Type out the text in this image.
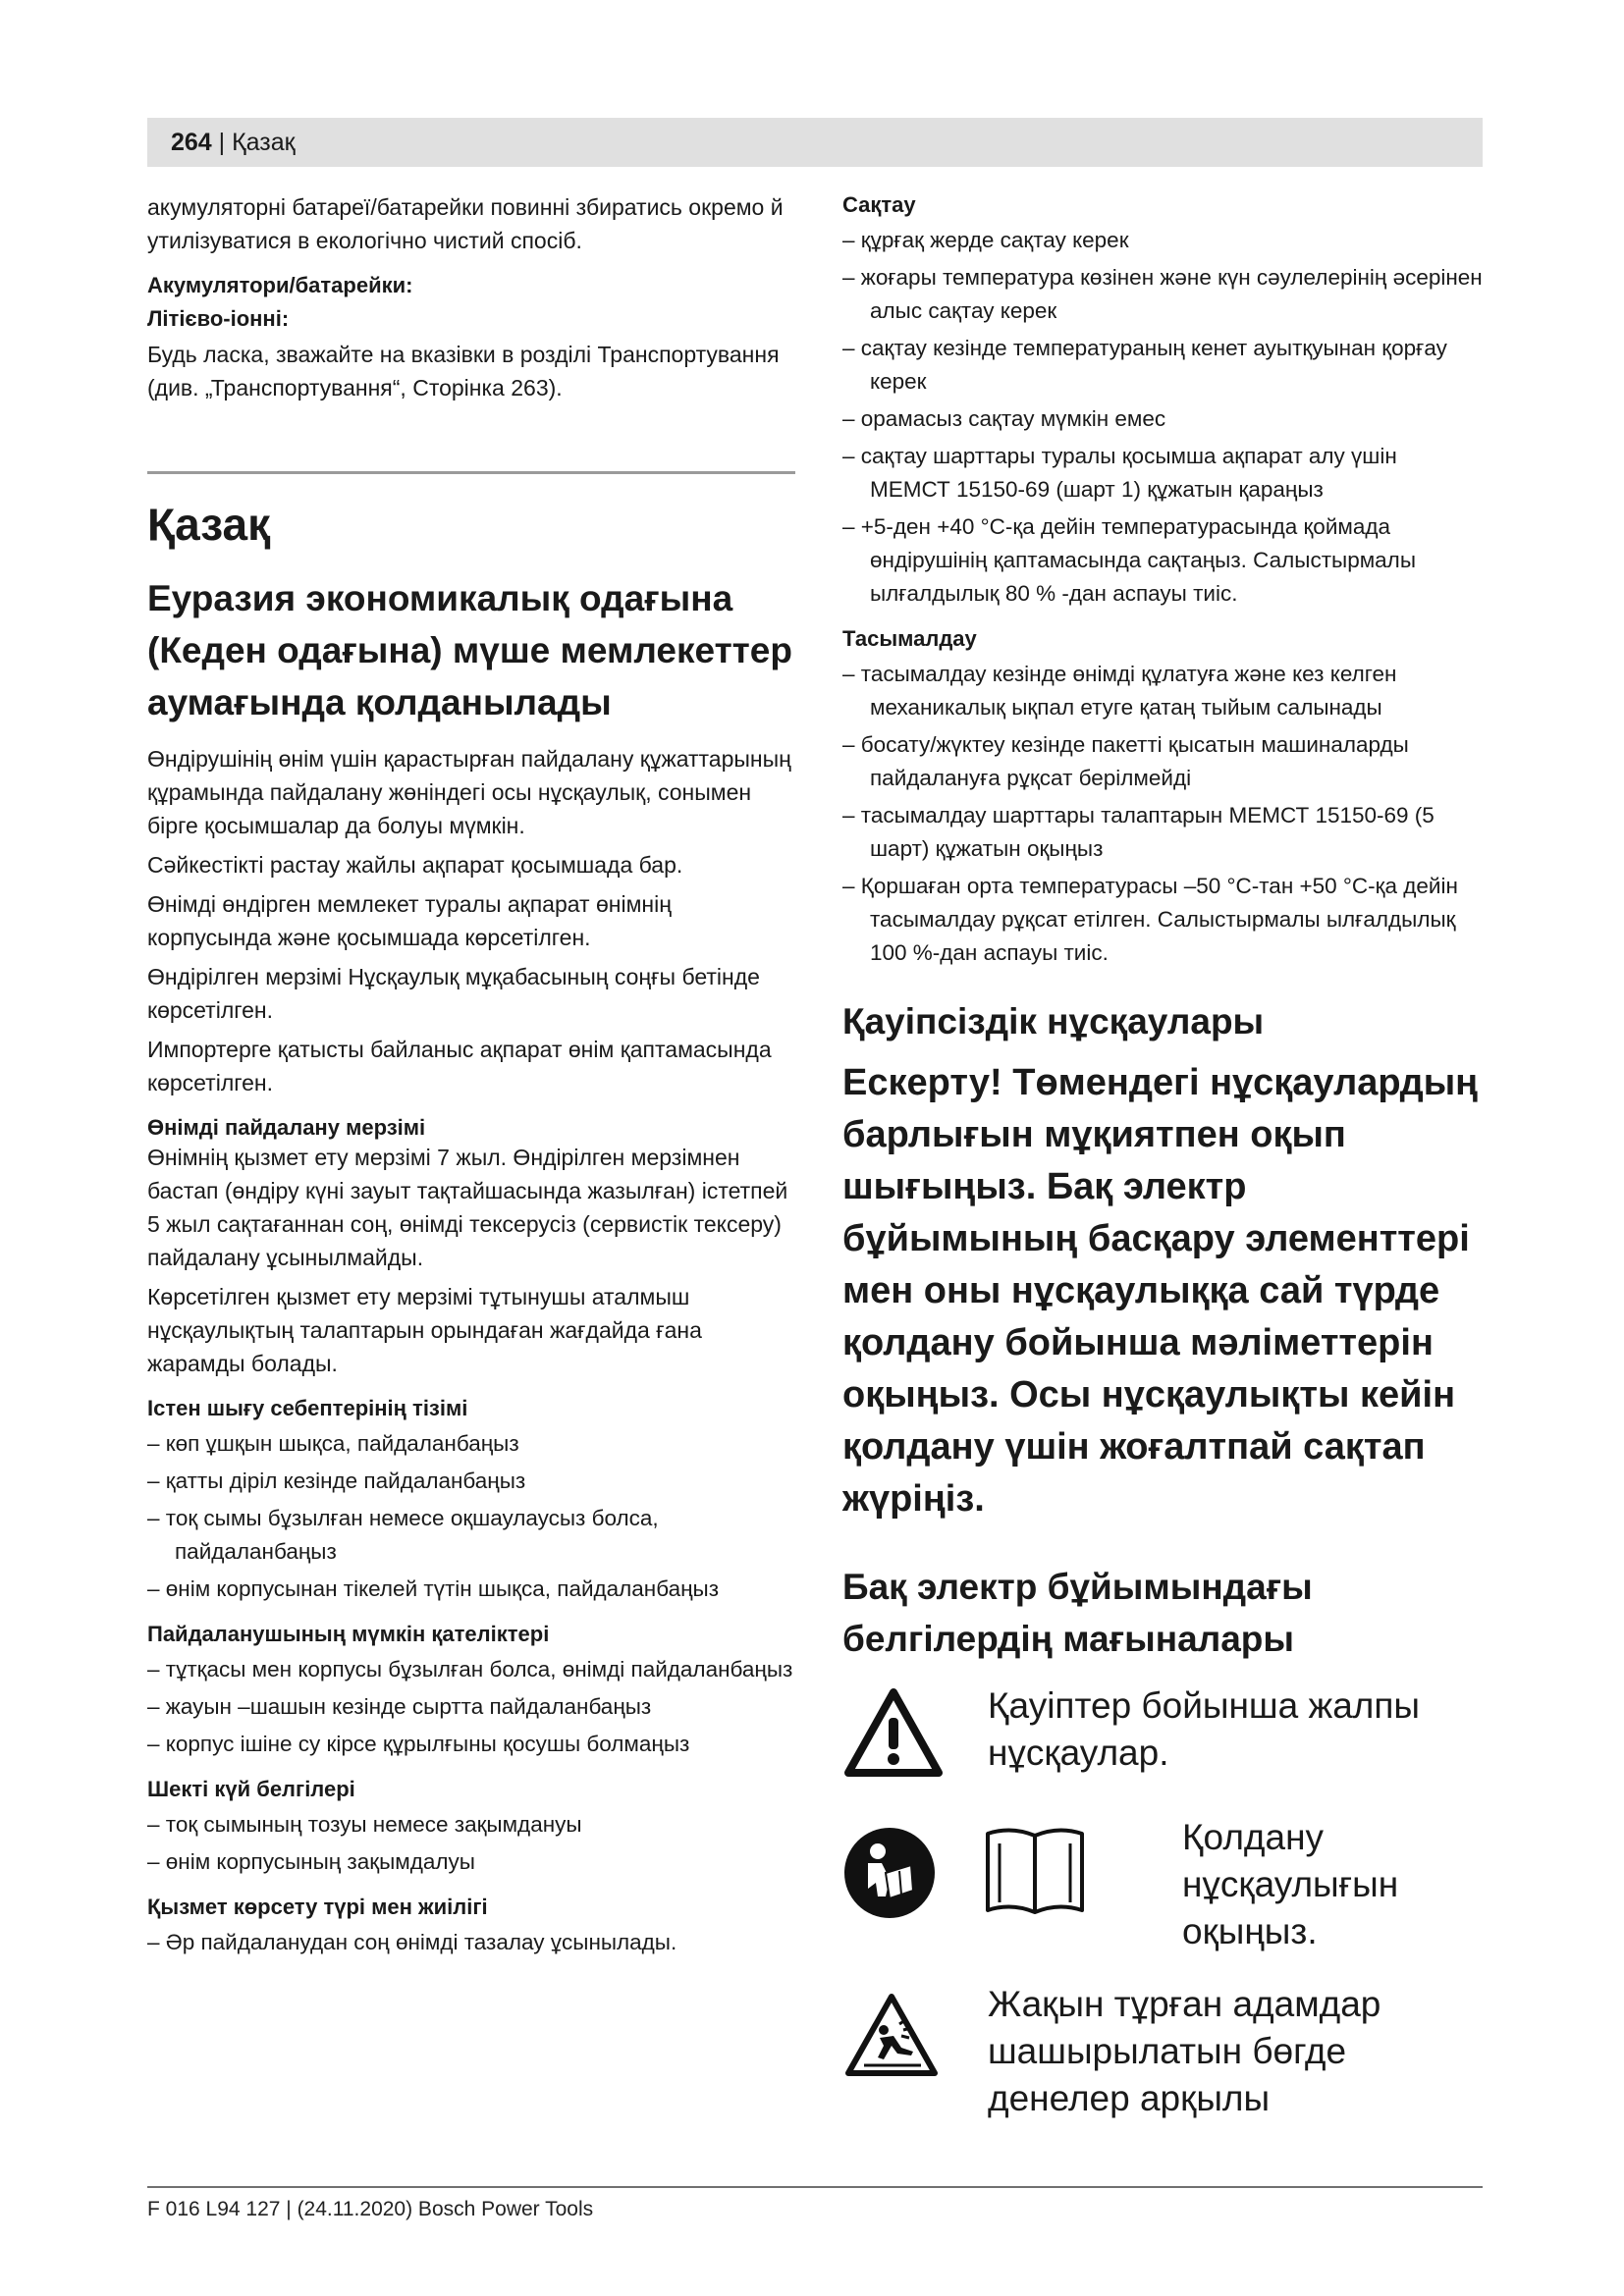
264 | Қазақ

акумуляторні батареї/батарейки повинні збиратись окремо й утилізуватися в екологічно чистий спосіб.

Акумулятори/батарейки:
Літієво-іонні:

Будь ласка, зважайте на вказівки в розділі Транспортування (див. „Транспортування“, Сторінка 263).

Қазақ
Еуразия экономикалық одағына (Кеден одағына) мүше мемлекеттер аумағында қолданылады

Өндірушінің өнім үшін қарастырған пайдалану құжаттарының құрамында пайдалану жөніндегі осы нұсқаулық, сонымен бірге қосымшалар да болуы мүмкін.

Сәйкестікті растау жайлы ақпарат қосымшада бар.

Өнімді өндірген мемлекет туралы ақпарат өнімнің корпусында және қосымшада көрсетілген.

Өндірілген мерзімі Нұсқаулық мұқабасының соңғы бетінде көрсетілген.

Импортерге қатысты байланыс ақпарат өнім қаптамасында көрсетілген.

Өнімді пайдалану мерзімі

Өнімнің қызмет ету мерзімі 7 жыл. Өндірілген мерзімнен бастап (өндіру күні зауыт тақтайшасында жазылған) істетпей 5 жыл сақтағаннан соң, өнімді тексерусіз (сервистік тексеру) пайдалану ұсынылмайды.

Көрсетілген қызмет ету мерзімі тұтынушы аталмыш нұсқаулықтың талаптарын орындаған жағдайда ғана жарамды болады.

Істен шығу себептерінің тізімі
– көп ұшқын шықса, пайдаланбаңыз
– қатты діріл кезінде пайдаланбаңыз
– тоқ сымы бұзылған немесе оқшаулаусыз болса, пайдаланбаңыз
– өнім корпусынан тікелей түтін шықса, пайдаланбаңыз
Пайдаланушының мүмкін қателіктері
– тұтқасы мен корпусы бұзылған болса, өнімді пайдаланбаңыз
– жауын –шашын кезінде сыртта пайдаланбаңыз
– корпус ішіне су кірсе құрылғыны қосушы болмаңыз
Шекті күй белгілері
– тоқ сымының тозуы немесе зақымдануы
– өнім корпусының зақымдалуы
Қызмет көрсету түрі мен жиілігі
– Әр пайдаланудан соң өнімді тазалау ұсынылады.
Сақтау
– құрғақ жерде сақтау керек
– жоғары температура көзінен және күн сәулелерінің әсерінен алыс сақтау керек
– сақтау кезінде температураның кенет ауытқуынан қорғау керек
– орамасыз сақтау мүмкін емес
– сақтау шарттары туралы қосымша ақпарат алу үшін МЕМСТ 15150-69 (шарт 1) құжатын қараңыз
– +5-ден +40 °C-қа дейін температурасында қоймада өндірушінің қаптамасында сақтаңыз. Салыстырмалы ылғалдылық 80 % -дан аспауы тиіс.
Тасымалдау
– тасымалдау кезінде өнімді құлатуға және кез келген механикалық ықпал етуге қатаң тыйым салынады
– босату/жүктеу кезінде пакетті қысатын машиналарды пайдалануға рұқсат берілмейді
– тасымалдау шарттары талаптарын МЕМСТ 15150-69 (5 шарт) құжатын оқыңыз
– Қоршаған орта температурасы –50 °C-тан +50 °C-қа дейін тасымалдау рұқсат етілген. Салыстырмалы ылғалдылық 100 %-дан аспауы тиіс.
Қауіпсіздік нұсқаулары

Ескерту! Төмендегі нұсқаулардың барлығын мұқиятпен оқып шығыңыз. Бақ электр бұйымының басқару элементтері мен оны нұсқаулыққа сай түрде қолдану бойынша мәліметтерін оқыңыз. Осы нұсқаулықты кейін қолдану үшін жоғалтпай сақтап жүріңіз.

Бақ электр бұйымындағы белгілердің мағыналары
Қауіптер бойынша жалпы нұсқаулар.
Қолдану нұсқаулығын оқыңыз.
Жақын тұрған адамдар шашырылатын бөгде денелер арқылы
F 016 L94 127 | (24.11.2020) Bosch Power Tools
